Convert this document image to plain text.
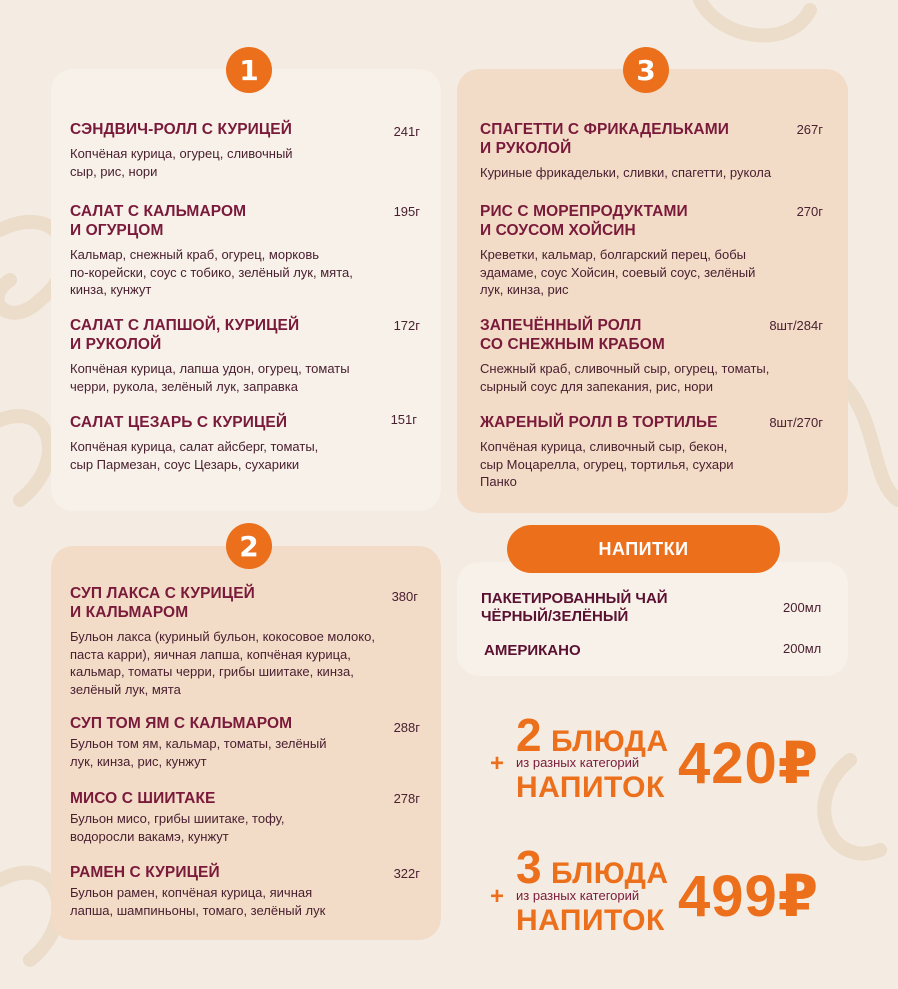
1
СЭНДВИЧ-РОЛЛ С КУРИЦЕЙ
Копчёная курица, огурец, сливочный
сыр, рис, нори
241г
САЛАТ С КАЛЬМАРОМ
И ОГУРЦОМ
Кальмар, снежный краб, огурец, морковь
по-корейски, соус с тобико, зелёный лук, мята,
кинза, кунжут
195г
САЛАТ С ЛАПШОЙ, КУРИЦЕЙ
И РУКОЛОЙ
Копчёная курица, лапша удон, огурец, томаты
черри, рукола, зелёный лук, заправка
172г
САЛАТ ЦЕЗАРЬ С КУРИЦЕЙ
Копчёная курица, салат айсберг, томаты,
сыр Пармезан, соус Цезарь, сухарики
151г
3
СПАГЕТТИ С ФРИКАДЕЛЬКАМИ
И РУКОЛОЙ
Куриные фрикадельки, сливки, спагетти, рукола
267г
РИС С МОРЕПРОДУКТАМИ
И СОУСОМ ХОЙСИН
Креветки, кальмар, болгарский перец, бобы
эдамаме, соус Хойсин, соевый соус, зелёный
лук, кинза, рис
270г
ЗАПЕЧЁННЫЙ РОЛЛ
СО СНЕЖНЫМ КРАБОМ
Снежный краб, сливочный сыр, огурец, томаты,
сырный соус для запекания, рис, нори
8шт/284г
ЖАРЕНЫЙ РОЛЛ В ТОРТИЛЬЕ
Копчёная курица, сливочный сыр, бекон,
сыр Моцарелла, огурец, тортилья, сухари
Панко
8шт/270г
2
СУП ЛАКСА С КУРИЦЕЙ
И КАЛЬМАРОМ
Бульон лакса (куриный бульон, кокосовое молоко,
паста карри), яичная лапша, копчёная курица,
кальмар, томаты черри, грибы шиитаке, кинза,
зелёный лук, мята
380г
СУП ТОМ ЯМ С КАЛЬМАРОМ
Бульон том ям, кальмар, томаты, зелёный
лук, кинза, рис, кунжут
288г
МИСО С ШИИТАКЕ
Бульон мисо, грибы шиитаке, тофу,
водоросли вакамэ, кунжут
278г
РАМЕН С КУРИЦЕЙ
Бульон рамен, копчёная курица, яичная
лапша, шампиньоны, томаго, зелёный лук
322г
НАПИТКИ
ПАКЕТИРОВАННЫЙ ЧАЙ
ЧЁРНЫЙ/ЗЕЛЁНЫЙ
200мл
АМЕРИКАНО	200мл
+
2 БЛЮДА
из разных категорий
НАПИТОК 420₽
+
3 БЛЮДА
из разных категорий
НАПИТОК 499₽
